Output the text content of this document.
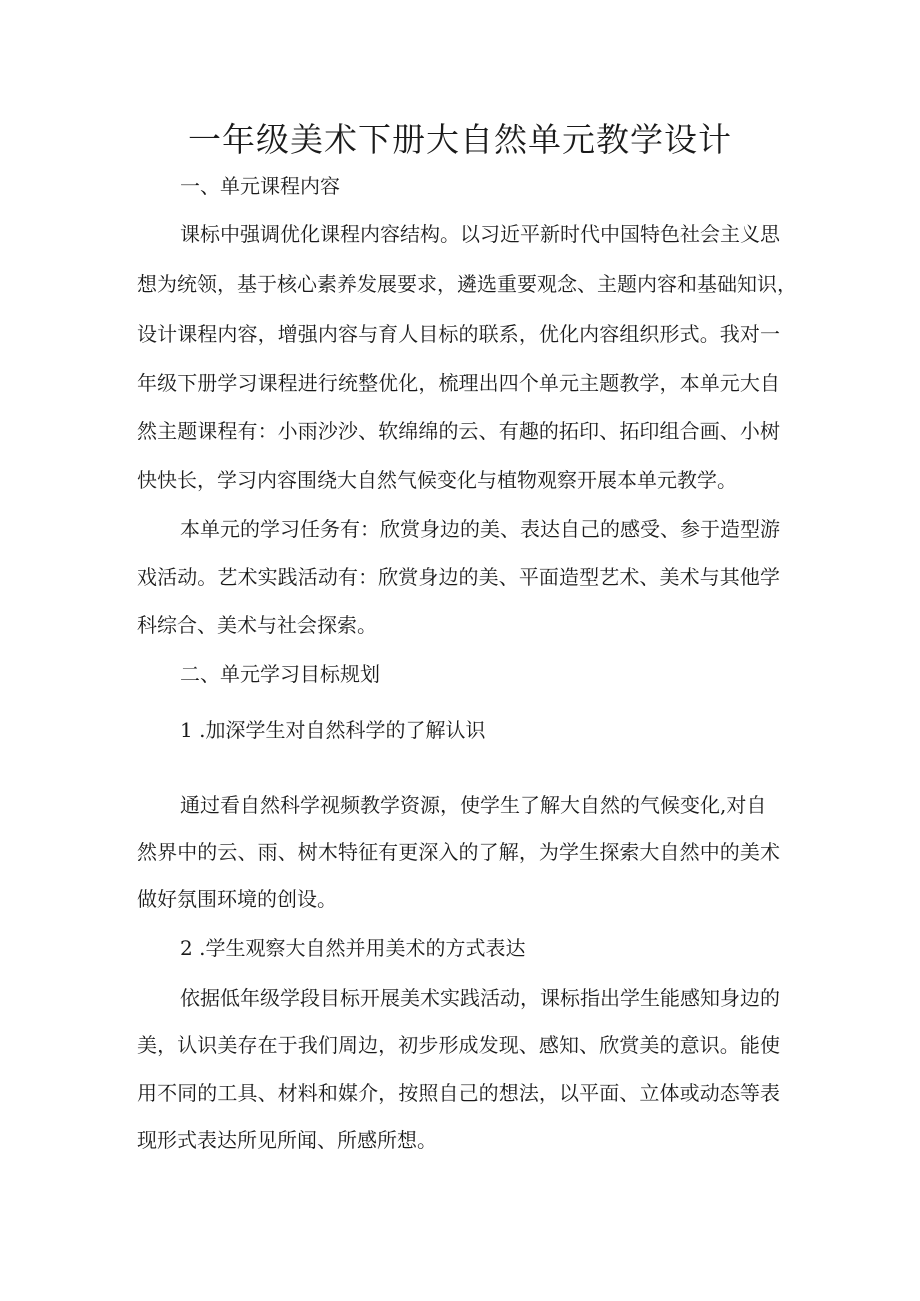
一年级美术下册大自然单元教学设计
一、单元课程内容
课标中强调优化课程内容结构。以习近平新时代中国特色社会主义思
想为统领，基于核心素养发展要求，遴选重要观念、主题内容和基础知识，
设计课程内容，增强内容与育人目标的联系，优化内容组织形式。我对一
年级下册学习课程进行统整优化，梳理出四个单元主题教学，本单元大自
然主题课程有：小雨沙沙、软绵绵的云、有趣的拓印、拓印组合画、小树
快快长，学习内容围绕大自然气候变化与植物观察开展本单元教学。
本单元的学习任务有：欣赏身边的美、表达自己的感受、参于造型游
戏活动。艺术实践活动有：欣赏身边的美、平面造型艺术、美术与其他学
科综合、美术与社会探索。
二、单元学习目标规划
1 .加深学生对自然科学的了解认识
通过看自然科学视频教学资源，使学生了解大自然的气候变化,对自
然界中的云、雨、树木特征有更深入的了解，为学生探索大自然中的美术
做好氛围环境的创设。
2 .学生观察大自然并用美术的方式表达
依据低年级学段目标开展美术实践活动，课标指出学生能感知身边的
美，认识美存在于我们周边，初步形成发现、感知、欣赏美的意识。能使
用不同的工具、材料和媒介，按照自己的想法，以平面、立体或动态等表
现形式表达所见所闻、所感所想。
